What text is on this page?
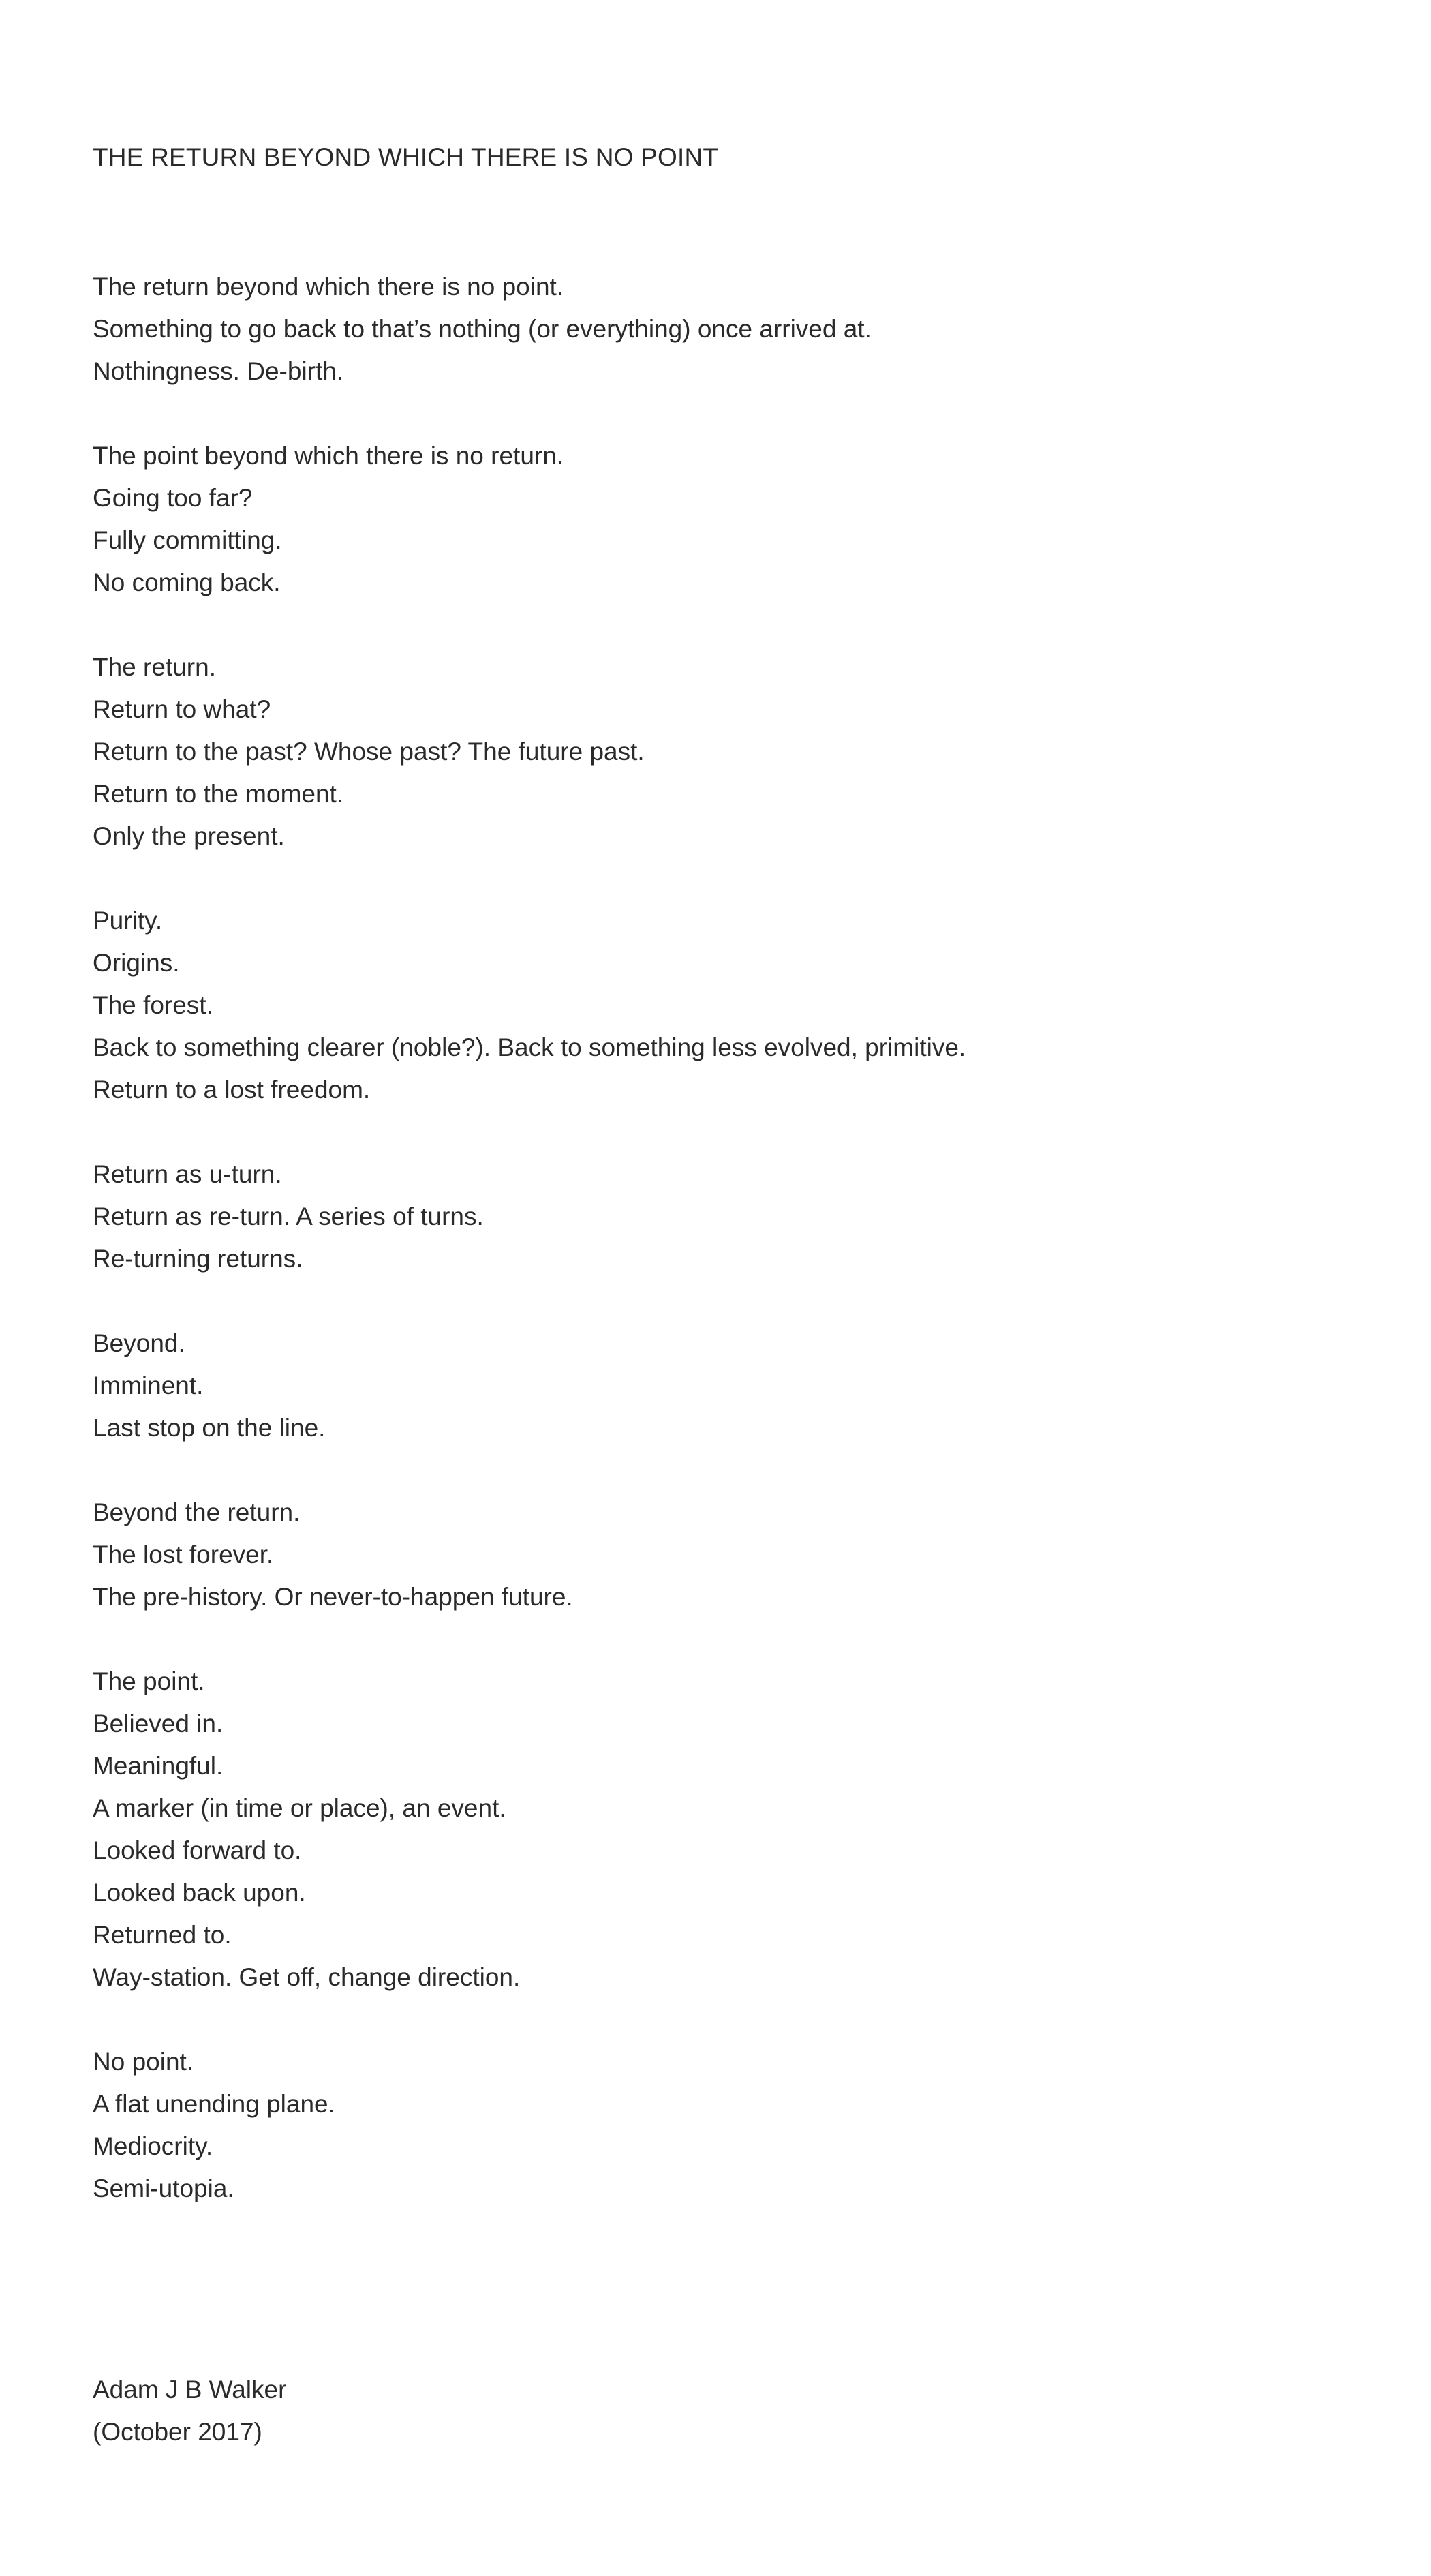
THE RETURN BEYOND WHICH THERE IS NO POINT
The return beyond which there is no point.
Something to go back to that’s nothing (or everything) once arrived at.
Nothingness. De-birth.
The point beyond which there is no return.
Going too far?
Fully committing.
No coming back.
The return.
Return to what?
Return to the past? Whose past? The future past.
Return to the moment.
Only the present.
Purity.
Origins.
The forest.
Back to something clearer (noble?). Back to something less evolved, primitive.
Return to a lost freedom.
Return as u-turn.
Return as re-turn. A series of turns.
Re-turning returns.
Beyond.
Imminent.
Last stop on the line.
Beyond the return.
The lost forever.
The pre-history. Or never-to-happen future.
The point.
Believed in.
Meaningful.
A marker (in time or place), an event.
Looked forward to.
Looked back upon.
Returned to.
Way-station. Get off, change direction.
No point.
A flat unending plane.
Mediocrity.
Semi-utopia.
Adam J B Walker
(October 2017)
